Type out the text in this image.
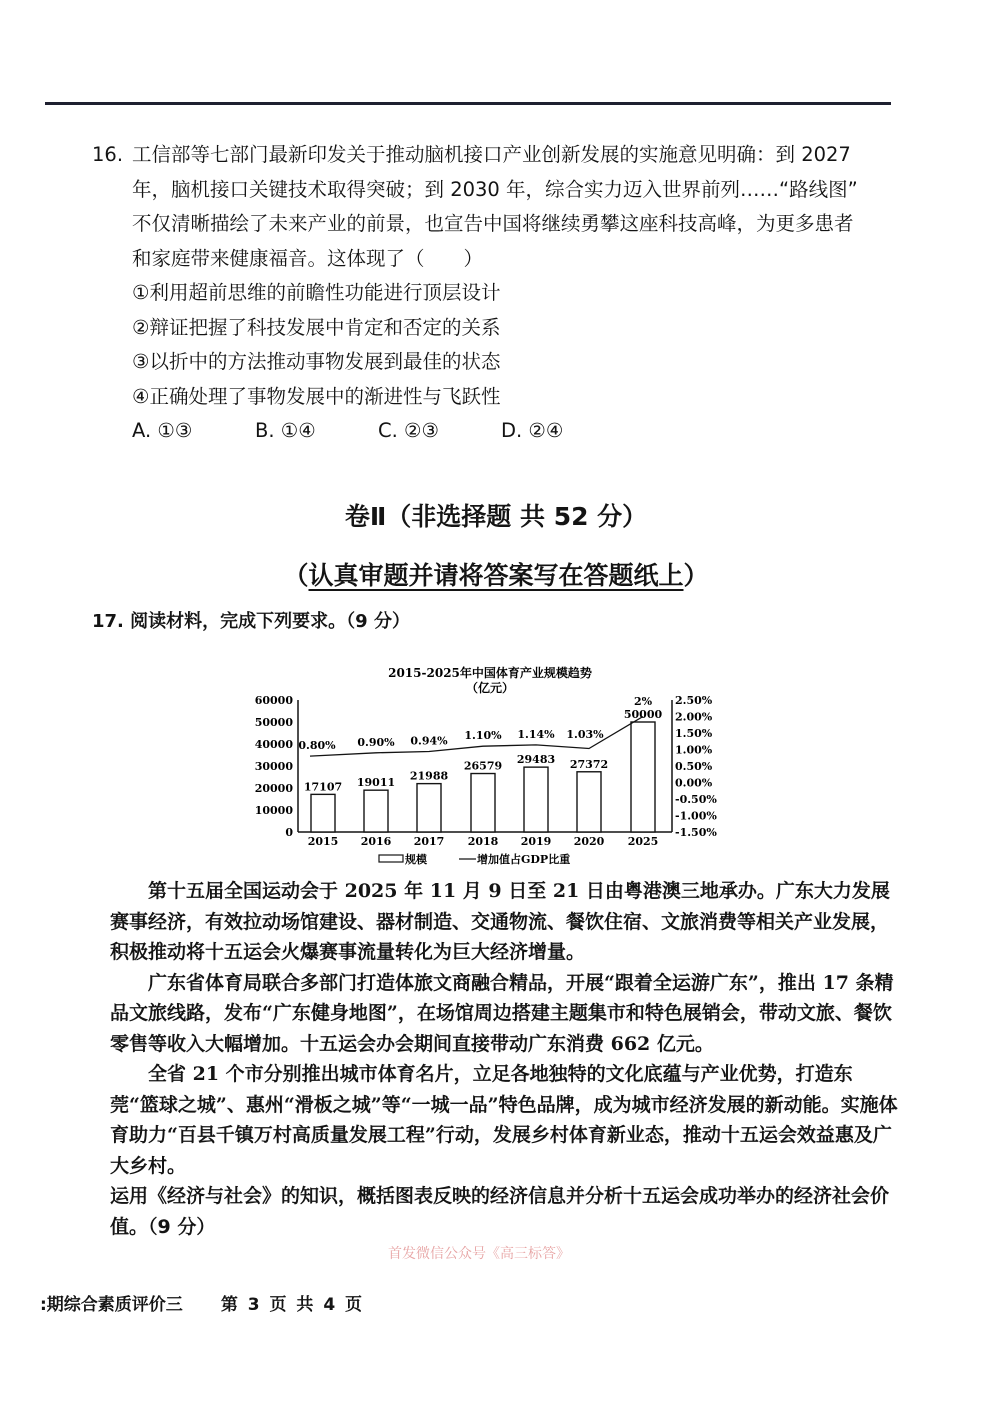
16. 工信部等七部门最新印发关于推动脑机接口产业创新发展的实施意见明确：到 2027
年，脑机接口关键技术取得突破；到 2030 年，综合实力迈入世界前列……“路线图”
不仅清晰描绘了未来产业的前景，也宣告中国将继续勇攀这座科技高峰，为更多患者
和家庭带来健康福音。这体现了（　　）
①利用超前思维的前瞻性功能进行顶层设计
②辩证把握了科技发展中肯定和否定的关系
③以折中的方法推动事物发展到最佳的状态
④正确处理了事物发展中的渐进性与飞跃性
A. ①③	B. ①④	C. ②③	D. ②④
卷Ⅱ（非选择题 共 52 分）
（认真审题并请将答案写在答题纸上）
17. 阅读材料，完成下列要求。（9 分）
2015-2025年中国体育产业规模趋势
（亿元）
0
10000
20000
30000
40000
50000
60000
-1.50%
-1.00%
-0.50%
0.00%
0.50%
1.00%
1.50%
2.00%
2.50%
17107 19011
21988
26579 29483 27372
50000
0.80% 0.90% 0.94% 1.10% 1.14% 1.03%
2%
2015 2016 2017 2018 2019 2020 2025
规模	增加值占GDP比重

第十五届全国运动会于 2025 年 11 月 9 日至 21 日由粤港澳三地承办。广东大力发展赛事经济，有效拉动场馆建设、器材制造、交通物流、餐饮住宿、文旅消费等相关产业发展，积极推动将十五运会火爆赛事流量转化为巨大经济增量。

广东省体育局联合多部门打造体旅文商融合精品，开展“跟着全运游广东”，推出 17 条精品文旅线路，发布“广东健身地图”，在场馆周边搭建主题集市和特色展销会，带动文旅、餐饮零售等收入大幅增加。十五运会办会期间直接带动广东消费 662 亿元。

全省 21 个市分别推出城市体育名片，立足各地独特的文化底蕴与产业优势，打造东莞“篮球之城”、惠州“滑板之城”等“一城一品”特色品牌，成为城市经济发展的新动能。实施体育助力“百县千镇万村高质量发展工程”行动，发展乡村体育新业态，推动十五运会效益惠及广大乡村。

运用《经济与社会》的知识，概括图表反映的经济信息并分析十五运会成功举办的经济社会价值。（9 分）

首发微信公众号《高三标答》
:期综合素质评价三 第 3 页 共 4 页
